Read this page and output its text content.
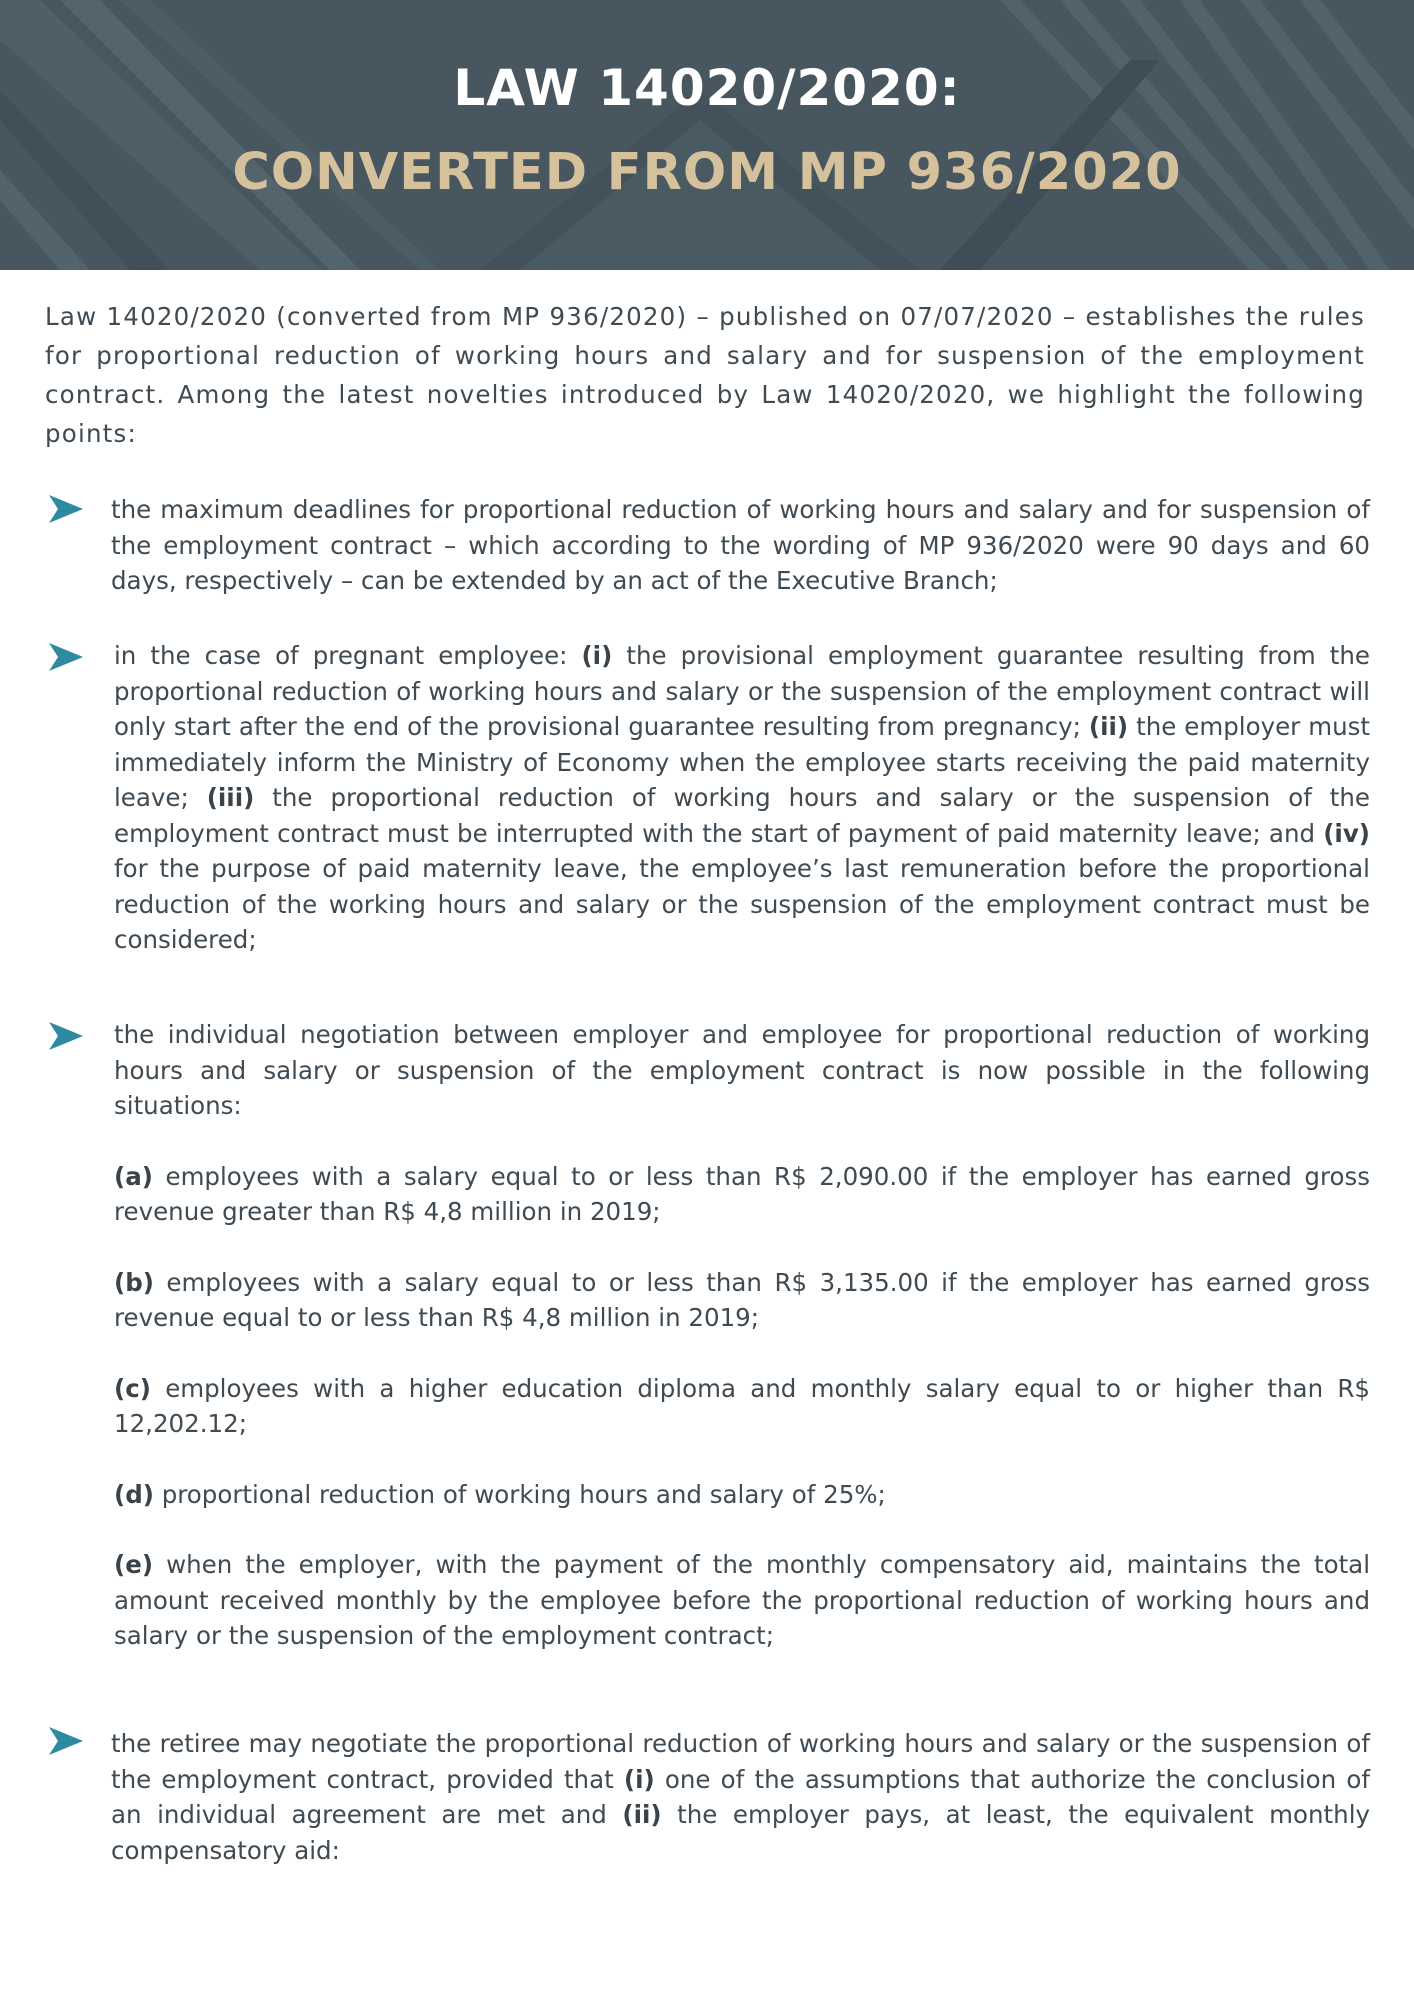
LAW 14020/2020:
CONVERTED FROM MP 936/2020
Law 14020/2020 (converted from MP 936/2020) – published on 07/07/2020 – establishes the rules for proportional reduction of working hours and salary and for suspension of the employment contract. Among the latest novelties introduced by Law 14020/2020, we highlight the following points:
the maximum deadlines for proportional reduction of working hours and salary and for suspension of the employment contract – which according to the wording of MP 936/2020 were 90 days and 60 days, respectively – can be extended by an act of the Executive Branch;
in the case of pregnant employee: (i) the provisional employment guarantee resulting from the proportional reduction of working hours and salary or the suspension of the employment contract will only start after the end of the provisional guarantee resulting from pregnancy; (ii) the employer must immediately inform the Ministry of Economy when the employee starts receiving the paid maternity leave; (iii) the proportional reduction of working hours and salary or the suspension of the employment contract must be interrupted with the start of payment of paid maternity leave; and (iv) for the purpose of paid maternity leave, the employee’s last remuneration before the proportional reduction of the working hours and salary or the suspension of the employment contract must be considered;
the individual negotiation between employer and employee for proportional reduction of working hours and salary or suspension of the employment contract is now possible in the following situations:
(a) employees with a salary equal to or less than R$ 2,090.00 if the employer has earned gross revenue greater than R$ 4,8 million in 2019;
(b) employees with a salary equal to or less than R$ 3,135.00 if the employer has earned gross revenue equal to or less than R$ 4,8 million in 2019;
(c) employees with a higher education diploma and monthly salary equal to or higher than R$ 12,202.12;
(d) proportional reduction of working hours and salary of 25%;
(e) when the employer, with the payment of the monthly compensatory aid, maintains the total amount received monthly by the employee before the proportional reduction of working hours and salary or the suspension of the employment contract;
the retiree may negotiate the proportional reduction of working hours and salary or the suspension of the employment contract, provided that (i) one of the assumptions that authorize the conclusion of an individual agreement are met and (ii) the employer pays, at least, the equivalent monthly compensatory aid:
